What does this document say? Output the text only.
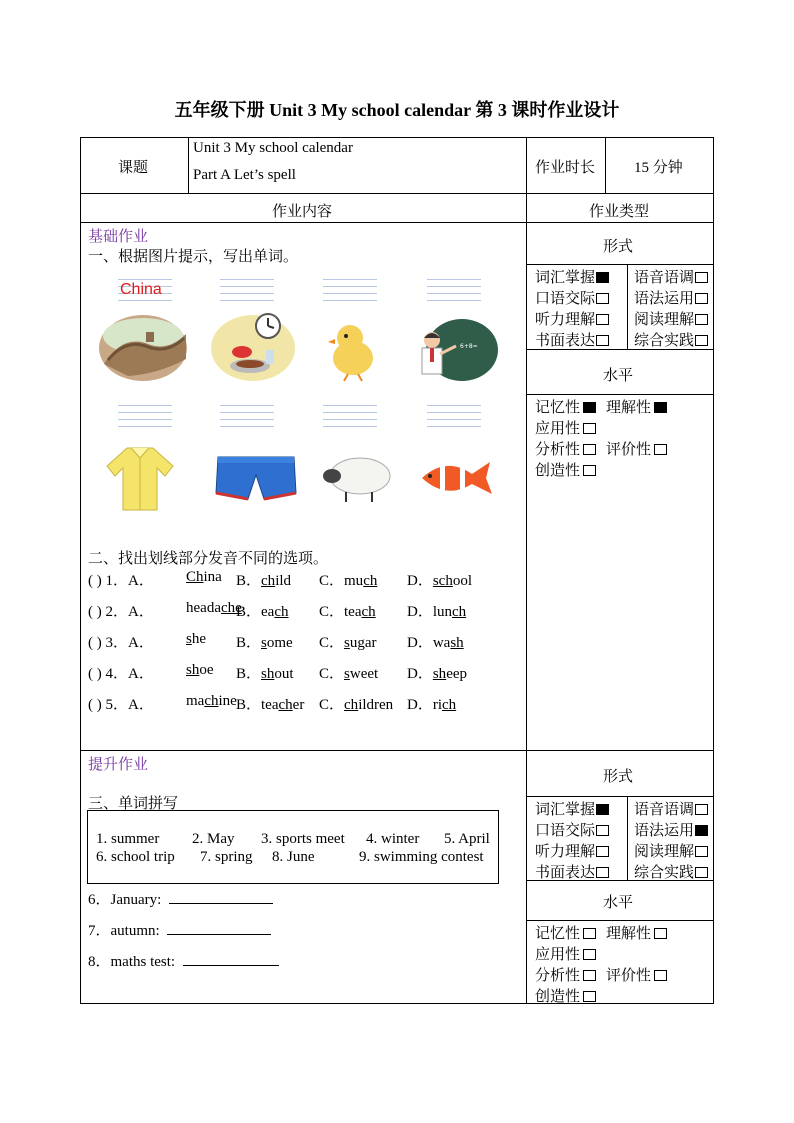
五年级下册 Unit 3 My school calendar 第 3 课时作业设计
课题
Unit 3 My school calendar
Part A Let’s spell	作业时长	15 分钟
作业内容	作业类型
基础作业
一、根据图片提示，写出单词。
China
6+8=
二、找出划线部分发音不同的选项。
( ) 1．A． China B．child C．much D．school
( ) 2．A． headache
B．each C．teach D．lunch
( ) 3．A． she B．some C．sugar D．wash
( ) 4．A． shoe B．shout C．sweet D．sheep
( ) 5．A． machine B．teacher C．children D．rich
提升作业
三、单词拼写
1. summer 2. May 3. sports meet 4. winter 5. April
6. school trip 7. spring 8. June	9. swimming contest
6．January:
7．autumn:
8．maths test:
形式
水平
词汇掌握	语音语调
口语交际	语法运用
听力理解	阅读理解
书面表达	综合实践
记忆性	理解性
应用性
分析性	评价性
创造性
形式
水平
词汇掌握	语音语调
口语交际	语法运用
听力理解	阅读理解
书面表达	综合实践
记忆性	理解性
应用性
分析性	评价性
创造性
